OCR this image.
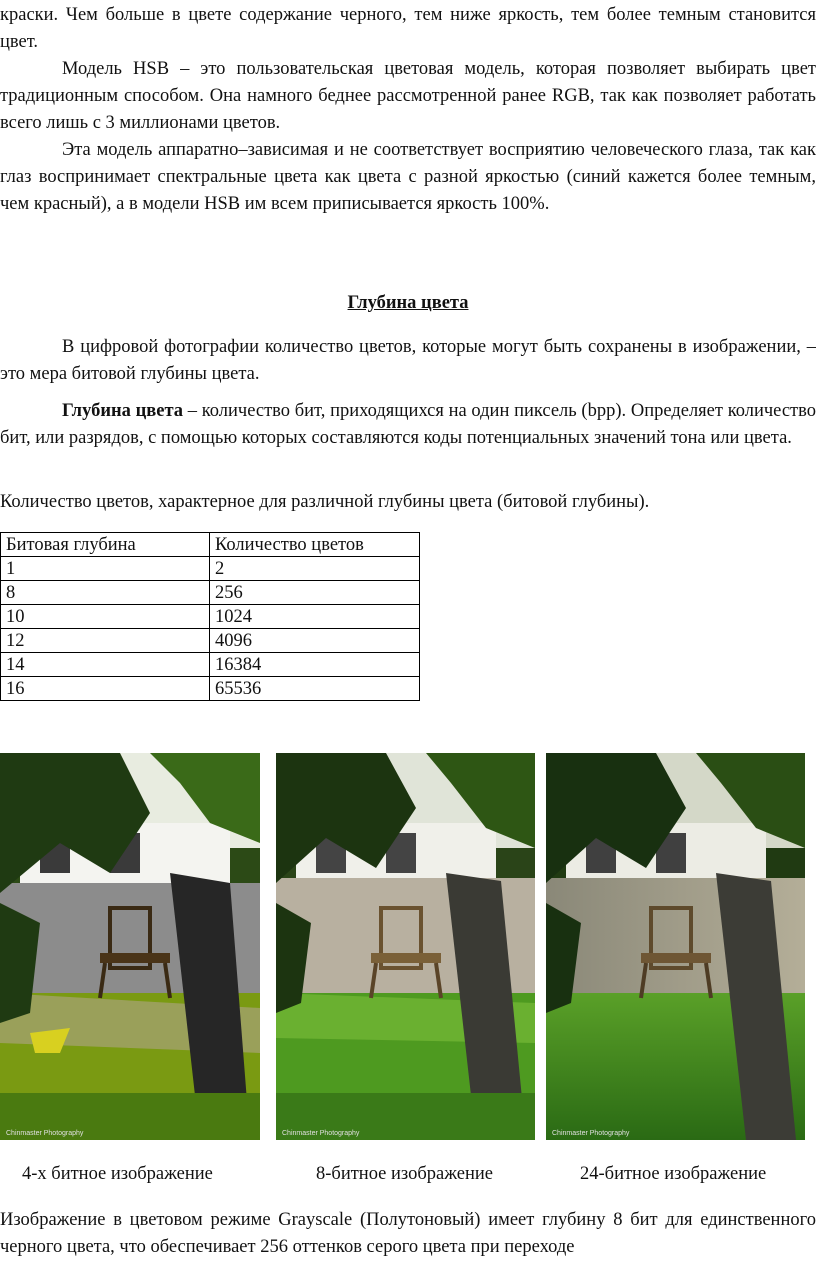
краски. Чем больше в цвете содержание черного, тем ниже яркость, тем более темным становится цвет.

Модель HSB – это пользовательская цветовая модель, которая позволяет выбирать цвет традиционным способом. Она намного беднее рассмотренной ранее RGB, так как позволяет работать всего лишь с 3 миллионами цветов.

Эта модель аппаратно–зависимая и не соответствует восприятию человеческого глаза, так как глаз воспринимает спектральные цвета как цвета с разной яркостью (синий кажется более темным, чем красный), а в модели HSB им всем приписывается яркость 100%.

Глубина цвета

В цифровой фотографии количество цветов, которые могут быть сохранены в изображении, – это мера битовой глубины цвета.

Глубина цвета – количество бит, приходящихся на один пиксель (bpp). Определяет количество бит, или разрядов, с помощью которых составляются коды потенциальных значений тона или цвета.

Количество цветов, характерное для различной глубины цвета (битовой глубины).

Битовая глубина	Количество цветов
1	2
8	256
10	1024
12	4096
14	16384
16	65536
Chinmaster Photography	Chinmaster Photography	Chinmaster Photography
4-х битное изображение	8-битное изображение	24-битное изображение

Изображение в цветовом режиме Grayscale (Полутоновый) имеет глубину 8 бит для единственного черного цвета, что обеспечивает 256 оттенков серого цвета при переходе
